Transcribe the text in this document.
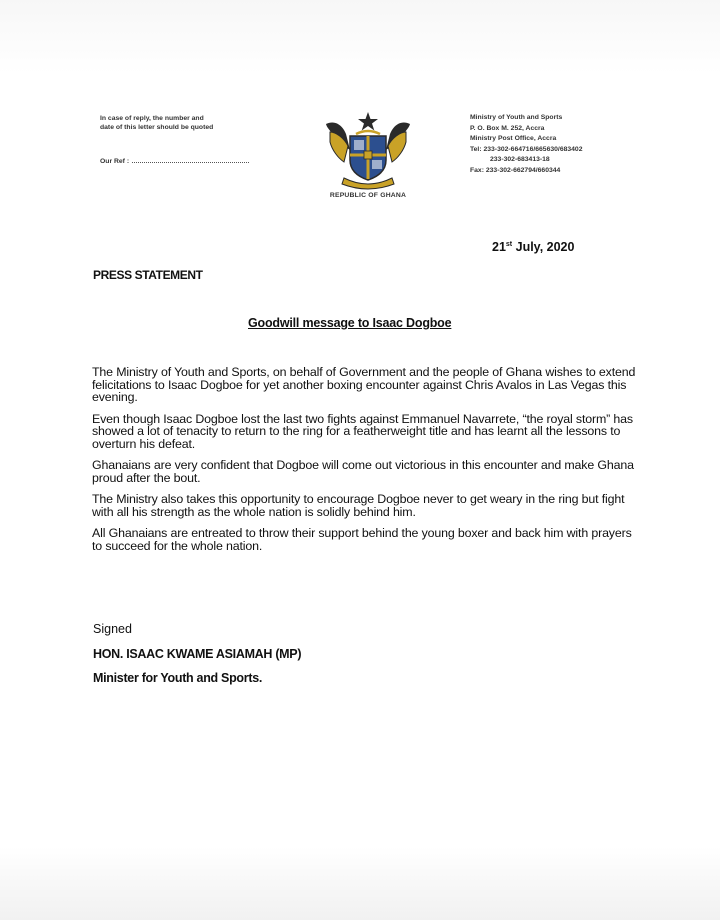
In case of reply, the number and
date of this letter should be quoted
Our Ref :
REPUBLIC OF GHANA
Ministry of Youth and Sports
P. O. Box M. 252, Accra
Ministry Post Office, Accra
Tel: 233-302-664716/665630/683402
233-302-683413-18
Fax: 233-302-662794/660344
21st July, 2020
PRESS STATEMENT
Goodwill message to Isaac Dogboe

The Ministry of Youth and Sports, on behalf of Government and the people of Ghana wishes to extend felicitations to Isaac Dogboe for yet another boxing encounter against Chris Avalos in Las Vegas this evening.

Even though Isaac Dogboe lost the last two fights against Emmanuel Navarrete, “the royal storm” has showed a lot of tenacity to return to the ring for a featherweight title and has learnt all the lessons to overturn his defeat.

Ghanaians are very confident that Dogboe will come out victorious in this encounter and make Ghana proud after the bout.

The Ministry also takes this opportunity to encourage Dogboe never to get weary in the ring but fight with all his strength as the whole nation is solidly behind him.

All Ghanaians are entreated to throw their support behind the young boxer and back him with prayers to succeed for the whole nation.

Signed
HON. ISAAC KWAME ASIAMAH (MP)
Minister for Youth and Sports.
